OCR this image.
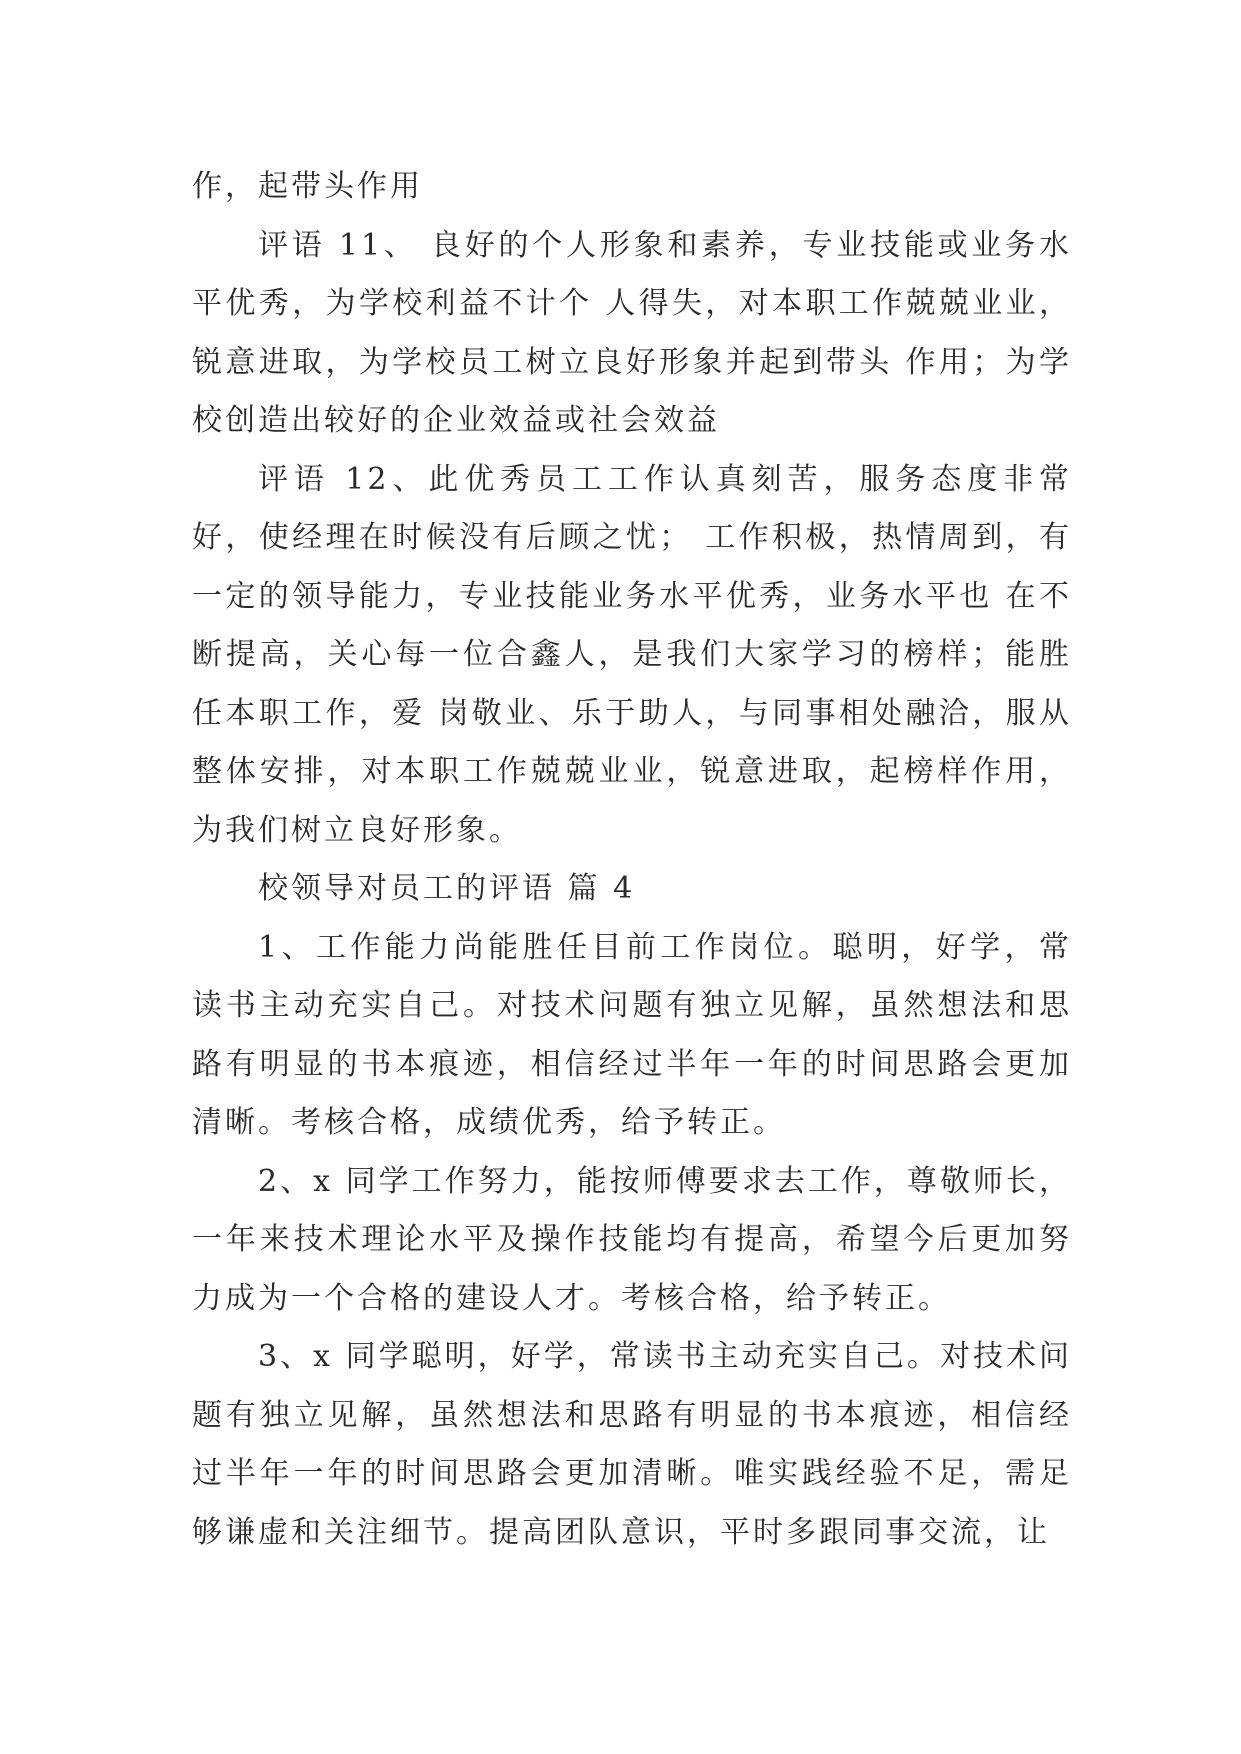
作，起带头作用

评语 11、 良好的个人形象和素养，专业技能或业务水平优秀，为学校利益不计个 人得失，对本职工作兢兢业业，锐意进取，为学校员工树立良好形象并起到带头 作用；为学校创造出较好的企业效益或社会效益

评语 12、此优秀员工工作认真刻苦，服务态度非常好，使经理在时候没有后顾之忧； 工作积极，热情周到，有一定的领导能力，专业技能业务水平优秀，业务水平也 在不断提高，关心每一位合鑫人，是我们大家学习的榜样；能胜任本职工作，爱 岗敬业、乐于助人，与同事相处融洽，服从整体安排，对本职工作兢兢业业，锐意进取，起榜样作用，为我们树立良好形象。

校领导对员工的评语 篇 4

1、工作能力尚能胜任目前工作岗位。聪明，好学，常读书主动充实自己。对技术问题有独立见解，虽然想法和思路有明显的书本痕迹，相信经过半年一年的时间思路会更加清晰。考核合格，成绩优秀，给予转正。

2、x 同学工作努力，能按师傅要求去工作，尊敬师长，一年来技术理论水平及操作技能均有提高，希望今后更加努力成为一个合格的建设人才。考核合格，给予转正。

3、x 同学聪明，好学，常读书主动充实自己。对技术问题有独立见解，虽然想法和思路有明显的书本痕迹，相信经过半年一年的时间思路会更加清晰。唯实践经验不足，需足够谦虚和关注细节。提高团队意识，平时多跟同事交流，让
